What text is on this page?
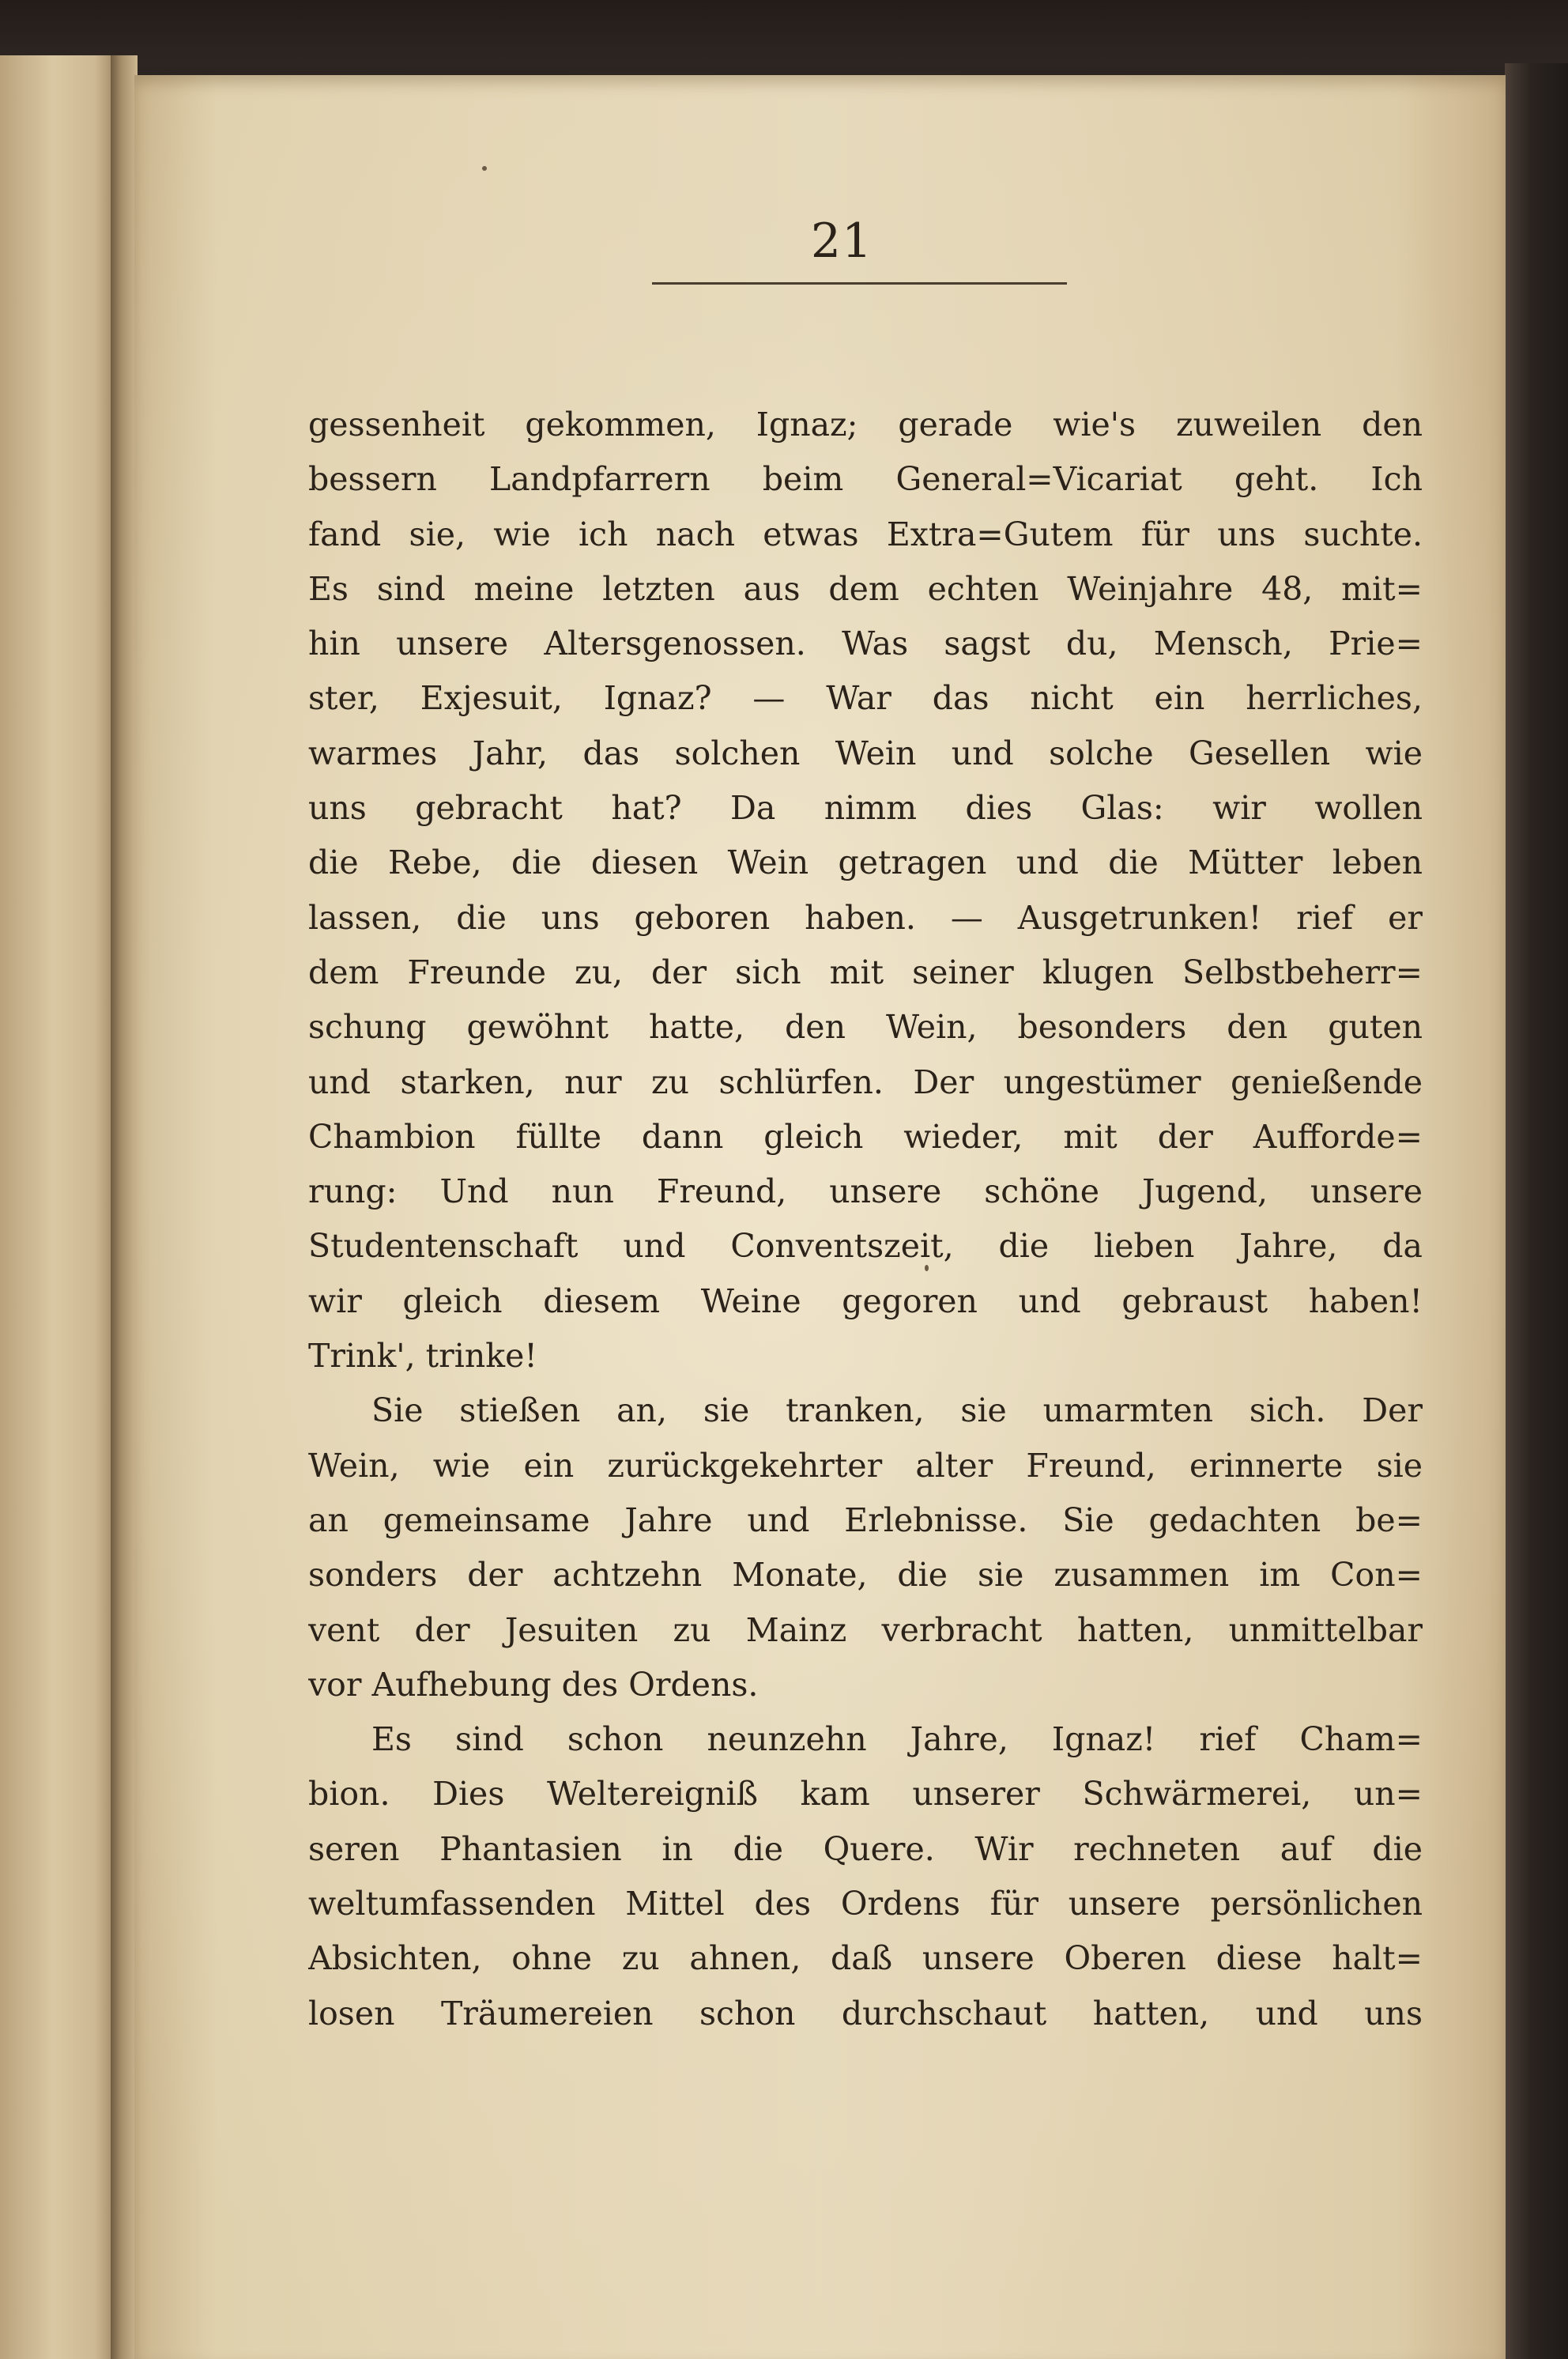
21
gessenheit gekommen, Ignaz; gerade wie's zuweilen den
bessern Landpfarrern beim General=Vicariat geht. Ich
fand sie, wie ich nach etwas Extra=Gutem für uns suchte.
Es sind meine letzten aus dem echten Weinjahre 48, mit=
hin unsere Altersgenossen. Was sagst du, Mensch, Prie=
ster, Exjesuit, Ignaz? — War das nicht ein herrliches,
warmes Jahr, das solchen Wein und solche Gesellen wie
uns gebracht hat? Da nimm dies Glas: wir wollen
die Rebe, die diesen Wein getragen und die Mütter leben
lassen, die uns geboren haben. — Ausgetrunken! rief er
dem Freunde zu, der sich mit seiner klugen Selbstbeherr=
schung gewöhnt hatte, den Wein, besonders den guten
und starken, nur zu schlürfen. Der ungestümer genießende
Chambion füllte dann gleich wieder, mit der Aufforde=
rung: Und nun Freund, unsere schöne Jugend, unsere
Studentenschaft und Conventszeit, die lieben Jahre, da
wir gleich diesem Weine gegoren und gebraust haben!
Trink', trinke!
Sie stießen an, sie tranken, sie umarmten sich. Der
Wein, wie ein zurückgekehrter alter Freund, erinnerte sie
an gemeinsame Jahre und Erlebnisse. Sie gedachten be=
sonders der achtzehn Monate, die sie zusammen im Con=
vent der Jesuiten zu Mainz verbracht hatten, unmittelbar
vor Aufhebung des Ordens.
Es sind schon neunzehn Jahre, Ignaz! rief Cham=
bion. Dies Weltereigniß kam unserer Schwärmerei, un=
seren Phantasien in die Quere. Wir rechneten auf die
weltumfassenden Mittel des Ordens für unsere persönlichen
Absichten, ohne zu ahnen, daß unsere Oberen diese halt=
losen Träumereien schon durchschaut hatten, und uns
